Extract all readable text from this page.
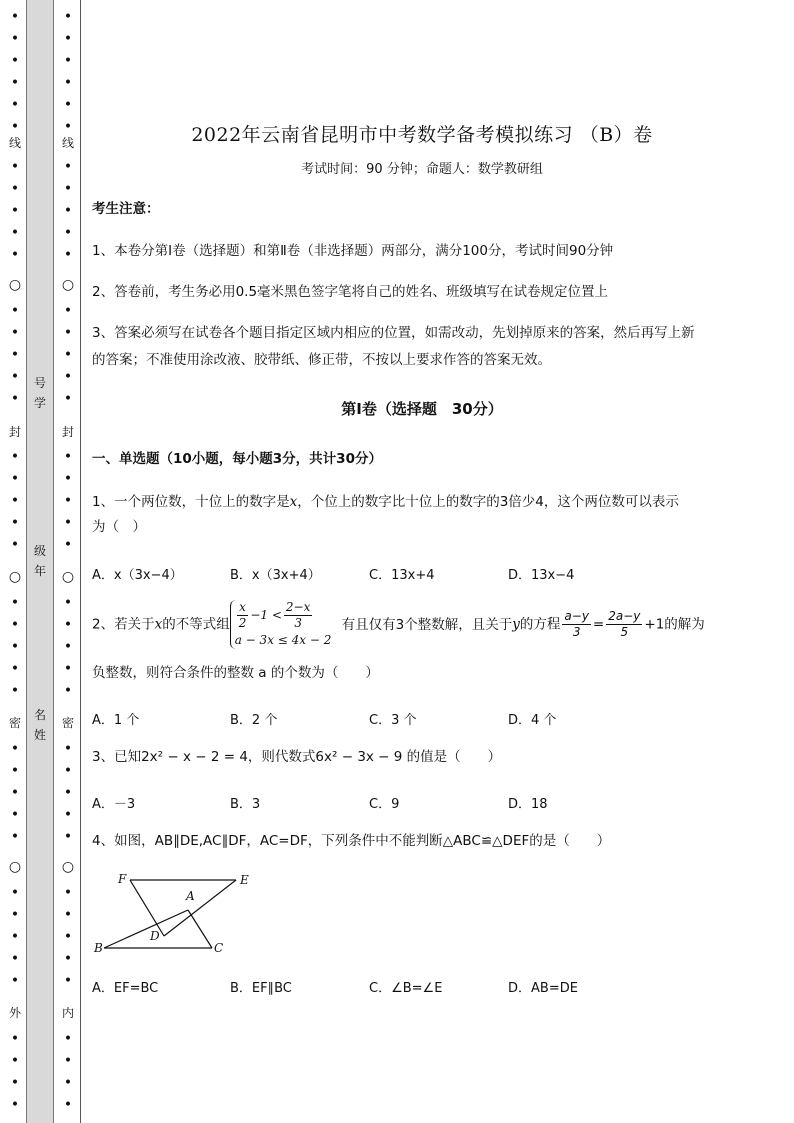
•
•
•
•
•
•
线
•
•
•
•
•
○
•
•
•
•
•
封
•
•
•
•
•
○
•
•
•
•
•
密
•
•
•
•
•
○
•
•
•
•
•
外
•
•
•
•
号
学
级
年
名
姓
•
•
•
•
•
•
线
•
•
•
•
•
○
•
•
•
•
•
封
•
•
•
•
•
○
•
•
•
•
•
密
•
•
•
•
•
○
•
•
•
•
•
内
•
•
•
•
2022年云南省昆明市中考数学备考模拟练习 （B）卷
考试时间：90 分钟；命题人：数学教研组
考生注意：
1、本卷分第Ⅰ卷（选择题）和第Ⅱ卷（非选择题）两部分，满分100分，考试时间90分钟
2、答卷前，考生务必用0.5毫米黑色签字笔将自己的姓名、班级填写在试卷规定位置上
3、答案必须写在试卷各个题目指定区域内相应的位置，如需改动，先划掉原来的答案，然后再写上新
的答案；不准使用涂改液、胶带纸、修正带，不按以上要求作答的答案无效。
第Ⅰ卷（选择题　30分）
一、单选题（10小题，每小题3分，共计30分）
1、一个两位数，十位上的数字是x，个位上的数字比十位上的数字的3倍少4，这个两位数可以表示
为（　）
A．x（3x−4）	B．x（3x+4）	C．13x+4	D．13x−4
2、若关于x的不等式组 $\frac{x}{2} -1 < \frac{2-x}{3}$
a − 3x ≤ 4x − 2
有且仅有3个整数解，且关于y的方程 $\frac{a-y}{3} = \frac{2a-y}{5} +1$的解为
负整数，则符合条件的整数 a 的个数为（　　）
A．1 个	B．2 个	C．3 个	D．4 个
3、已知2x² − x − 2 = 4，则代数式6x² − 3x − 9 的值是（　　）
A．－3	B．3	C．9	D．18
4、如图，AB∥DE,AC∥DF，AC=DF，下列条件中不能判断△ABC≌△DEF的是（　　）
F	E
A
D
B	C
A．EF=BC	B．EF∥BC	C．∠B=∠E	D．AB=DE
